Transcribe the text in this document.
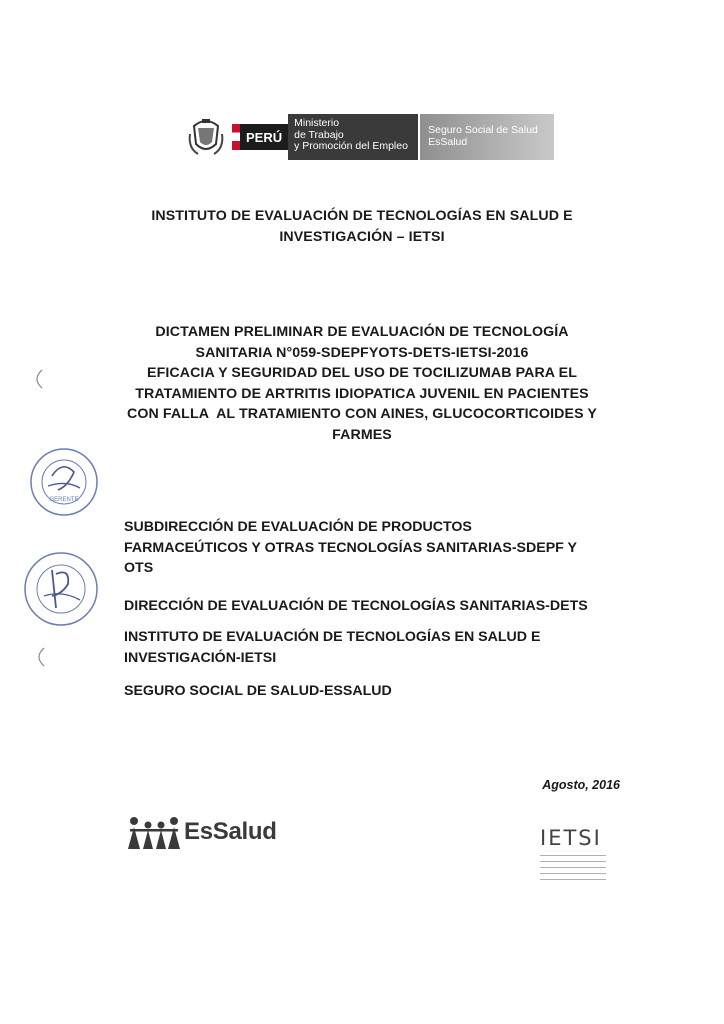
PERÚ
Ministerio
de Trabajo
y Promoción del Empleo
Seguro Social de Salud
EsSalud
INSTITUTO DE EVALUACIÓN DE TECNOLOGÍAS EN SALUD E
INVESTIGACIÓN – IETSI
DICTAMEN PRELIMINAR DE EVALUACIÓN DE TECNOLOGÍA
SANITARIA N°059-SDEPFYOTS-DETS-IETSI-2016
EFICACIA Y SEGURIDAD DEL USO DE TOCILIZUMAB PARA EL
TRATAMIENTO DE ARTRITIS IDIOPATICA JUVENIL EN PACIENTES
CON FALLA  AL TRATAMIENTO CON AINES, GLUCOCORTICOIDES Y
FARMES
SUBDIRECCIÓN DE EVALUACIÓN DE PRODUCTOS
FARMACEÚTICOS Y OTRAS TECNOLOGÍAS SANITARIAS-SDEPF Y
OTS
DIRECCIÓN DE EVALUACIÓN DE TECNOLOGÍAS SANITARIAS-DETS
INSTITUTO DE EVALUACIÓN DE TECNOLOGÍAS EN SALUD E
INVESTIGACIÓN-IETSI
SEGURO SOCIAL DE SALUD-ESSALUD
Agosto, 2016
EsSalud	IETSI
GERENTE
